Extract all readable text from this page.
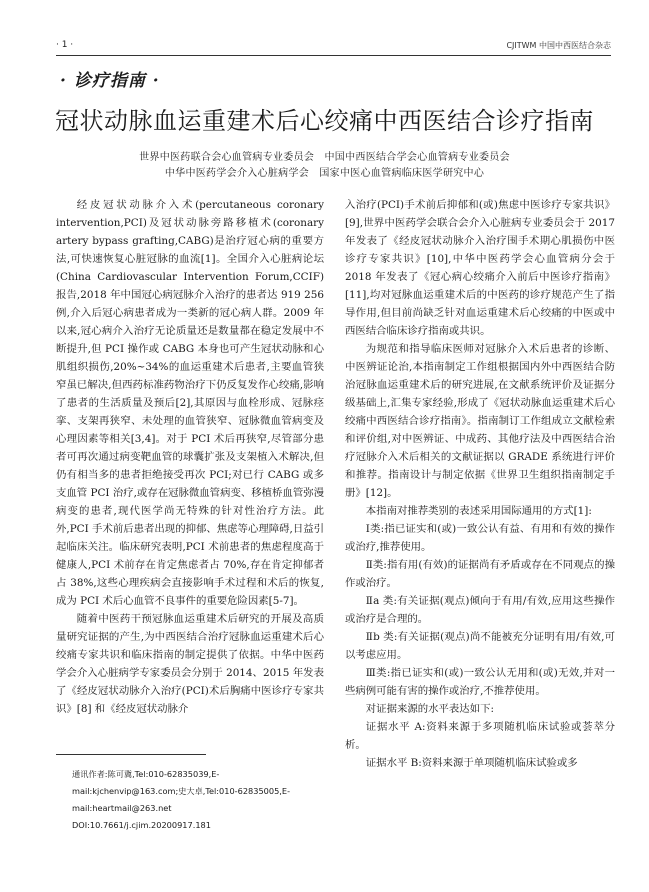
· 1 ·	CJITWM 中国中西医结合杂志
· 诊疗指南 ·
冠状动脉血运重建术后心绞痛中西医结合诊疗指南
世界中医药联合会心血管病专业委员会　中国中西医结合学会心血管病专业委员会
中华中医药学会介入心脏病学会　国家中医心血管病临床医学研究中心

经皮冠状动脉介入术(percutaneous coronary intervention,PCI)及冠状动脉旁路移植术(coronary artery bypass grafting,CABG)是治疗冠心病的重要方法,可快速恢复心脏冠脉的血流[1]。全国介入心脏病论坛(China Cardiovascular Intervention Forum,CCIF)报告,2018 年中国冠心病冠脉介入治疗的患者达 919 256 例,介入后冠心病患者成为一类新的冠心病人群。2009 年以来,冠心病介入治疗无论质量还是数量都在稳定发展中不断提升,但 PCI 操作或 CABG 本身也可产生冠状动脉和心肌组织损伤,20%~34%的血运重建术后患者,主要血管狭窄虽已解决,但西药标准药物治疗下仍反复发作心绞痛,影响了患者的生活质量及预后[2],其原因与血栓形成、冠脉痉挛、支架再狭窄、未处理的血管狭窄、冠脉微血管病变及心理因素等相关[3,4]。对于 PCI 术后再狭窄,尽管部分患者可再次通过病变靶血管的球囊扩张及支架植入术解决,但仍有相当多的患者拒绝接受再次 PCI;对已行 CABG 或多支血管 PCI 治疗,或存在冠脉微血管病变、移植桥血管弥漫病变的患者,现代医学尚无特殊的针对性治疗方法。此外,PCI 手术前后患者出现的抑郁、焦虑等心理障碍,日益引起临床关注。临床研究表明,PCI 术前患者的焦虑程度高于健康人,PCI 术前存在肯定焦虑者占 70%,存在肯定抑郁者占 38%,这些心理疾病会直接影响手术过程和术后的恢复,成为 PCI 术后心血管不良事件的重要危险因素[5-7]。

随着中医药干预冠脉血运重建术后研究的开展及高质量研究证据的产生,为中西医结合治疗冠脉血运重建术后心绞痛专家共识和临床指南的制定提供了依据。中华中医药学会介入心脏病学专家委员会分别于 2014、2015 年发表了《经皮冠状动脉介入治疗(PCI)术后胸痛中医诊疗专家共识》[8] 和《经皮冠状动脉介

入治疗(PCI)手术前后抑郁和(或)焦虑中医诊疗专家共识》[9],世界中医药学会联合会介入心脏病专业委员会于 2017 年发表了《经皮冠状动脉介入治疗围手术期心肌损伤中医诊疗专家共识》[10],中华中医药学会心血管病分会于 2018 年发表了《冠心病心绞痛介入前后中医诊疗指南》[11],均对冠脉血运重建术后的中医药的诊疗规范产生了指导作用,但目前尚缺乏针对血运重建术后心绞痛的中医或中西医结合临床诊疗指南或共识。

为规范和指导临床医师对冠脉介入术后患者的诊断、中医辨证论治,本指南制定工作组根据国内外中西医结合防治冠脉血运重建术后的研究进展,在文献系统评价及证据分级基础上,汇集专家经验,形成了《冠状动脉血运重建术后心绞痛中西医结合诊疗指南》。指南制订工作组成立文献检索和评价组,对中医辨证、中成药、其他疗法及中西医结合治疗冠脉介入术后相关的文献证据以 GRADE 系统进行评价和推荐。指南设计与制定依据《世界卫生组织指南制定手册》[12]。

本指南对推荐类别的表述采用国际通用的方式[1]:

Ⅰ类:指已证实和(或)一致公认有益、有用和有效的操作或治疗,推荐使用。

Ⅱ类:指有用(有效)的证据尚有矛盾或存在不同观点的操作或治疗。

Ⅱa 类:有关证据(观点)倾向于有用/有效,应用这些操作或治疗是合理的。

Ⅱb 类:有关证据(观点)尚不能被充分证明有用/有效,可以考虑应用。

Ⅲ类:指已证实和(或)一致公认无用和(或)无效,并对一些病例可能有害的操作或治疗,不推荐使用。

对证据来源的水平表达如下:

证据水平 A:资料来源于多项随机临床试验或荟萃分析。

证据水平 B:资料来源于单项随机临床试验或多

通讯作者:陈可冀,Tel:010-62835039,E-mail:kjchenvip@163.com;史大卓,Tel:010-62835005,E-mail:heartmail@263.net
DOI:10.7661/j.cjim.20200917.181
